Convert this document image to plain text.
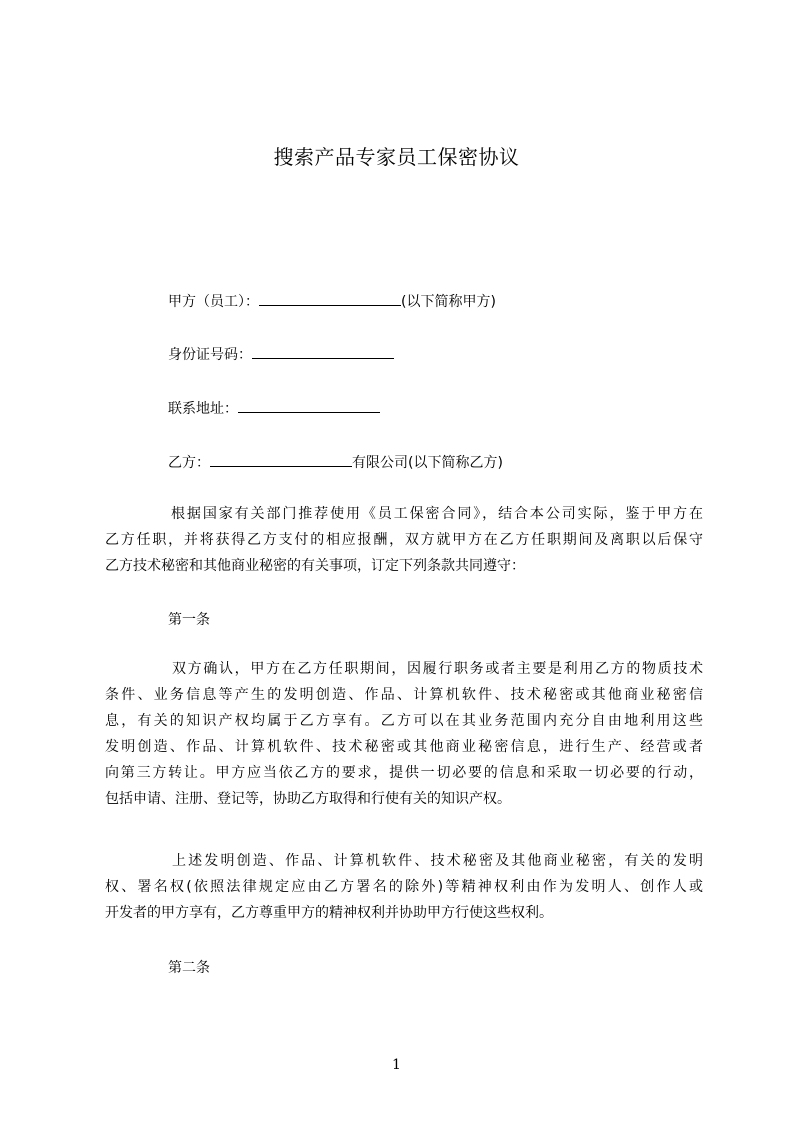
搜索产品专家员工保密协议
甲方（员工）：	(以下简称甲方)
身份证号码：
联系地址：
乙方：	有限公司(以下简称乙方)
根据国家有关部门推荐使用《员工保密合同》，结合本公司实际，鉴于甲方在
乙方任职，并将获得乙方支付的相应报酬，双方就甲方在乙方任职期间及离职以后保守
乙方技术秘密和其他商业秘密的有关事项，订定下列条款共同遵守：
第一条
双方确认，甲方在乙方任职期间，因履行职务或者主要是利用乙方的物质技术
条件、业务信息等产生的发明创造、作品、计算机软件、技术秘密或其他商业秘密信
息，有关的知识产权均属于乙方享有。乙方可以在其业务范围内充分自由地利用这些
发明创造、作品、计算机软件、技术秘密或其他商业秘密信息，进行生产、经营或者
向第三方转让。甲方应当依乙方的要求，提供一切必要的信息和采取一切必要的行动，
包括申请、注册、登记等，协助乙方取得和行使有关的知识产权。
上述发明创造、作品、计算机软件、技术秘密及其他商业秘密，有关的发明
权、署名权(依照法律规定应由乙方署名的除外)等精神权利由作为发明人、创作人或
开发者的甲方享有，乙方尊重甲方的精神权利并协助甲方行使这些权利。
第二条
1
